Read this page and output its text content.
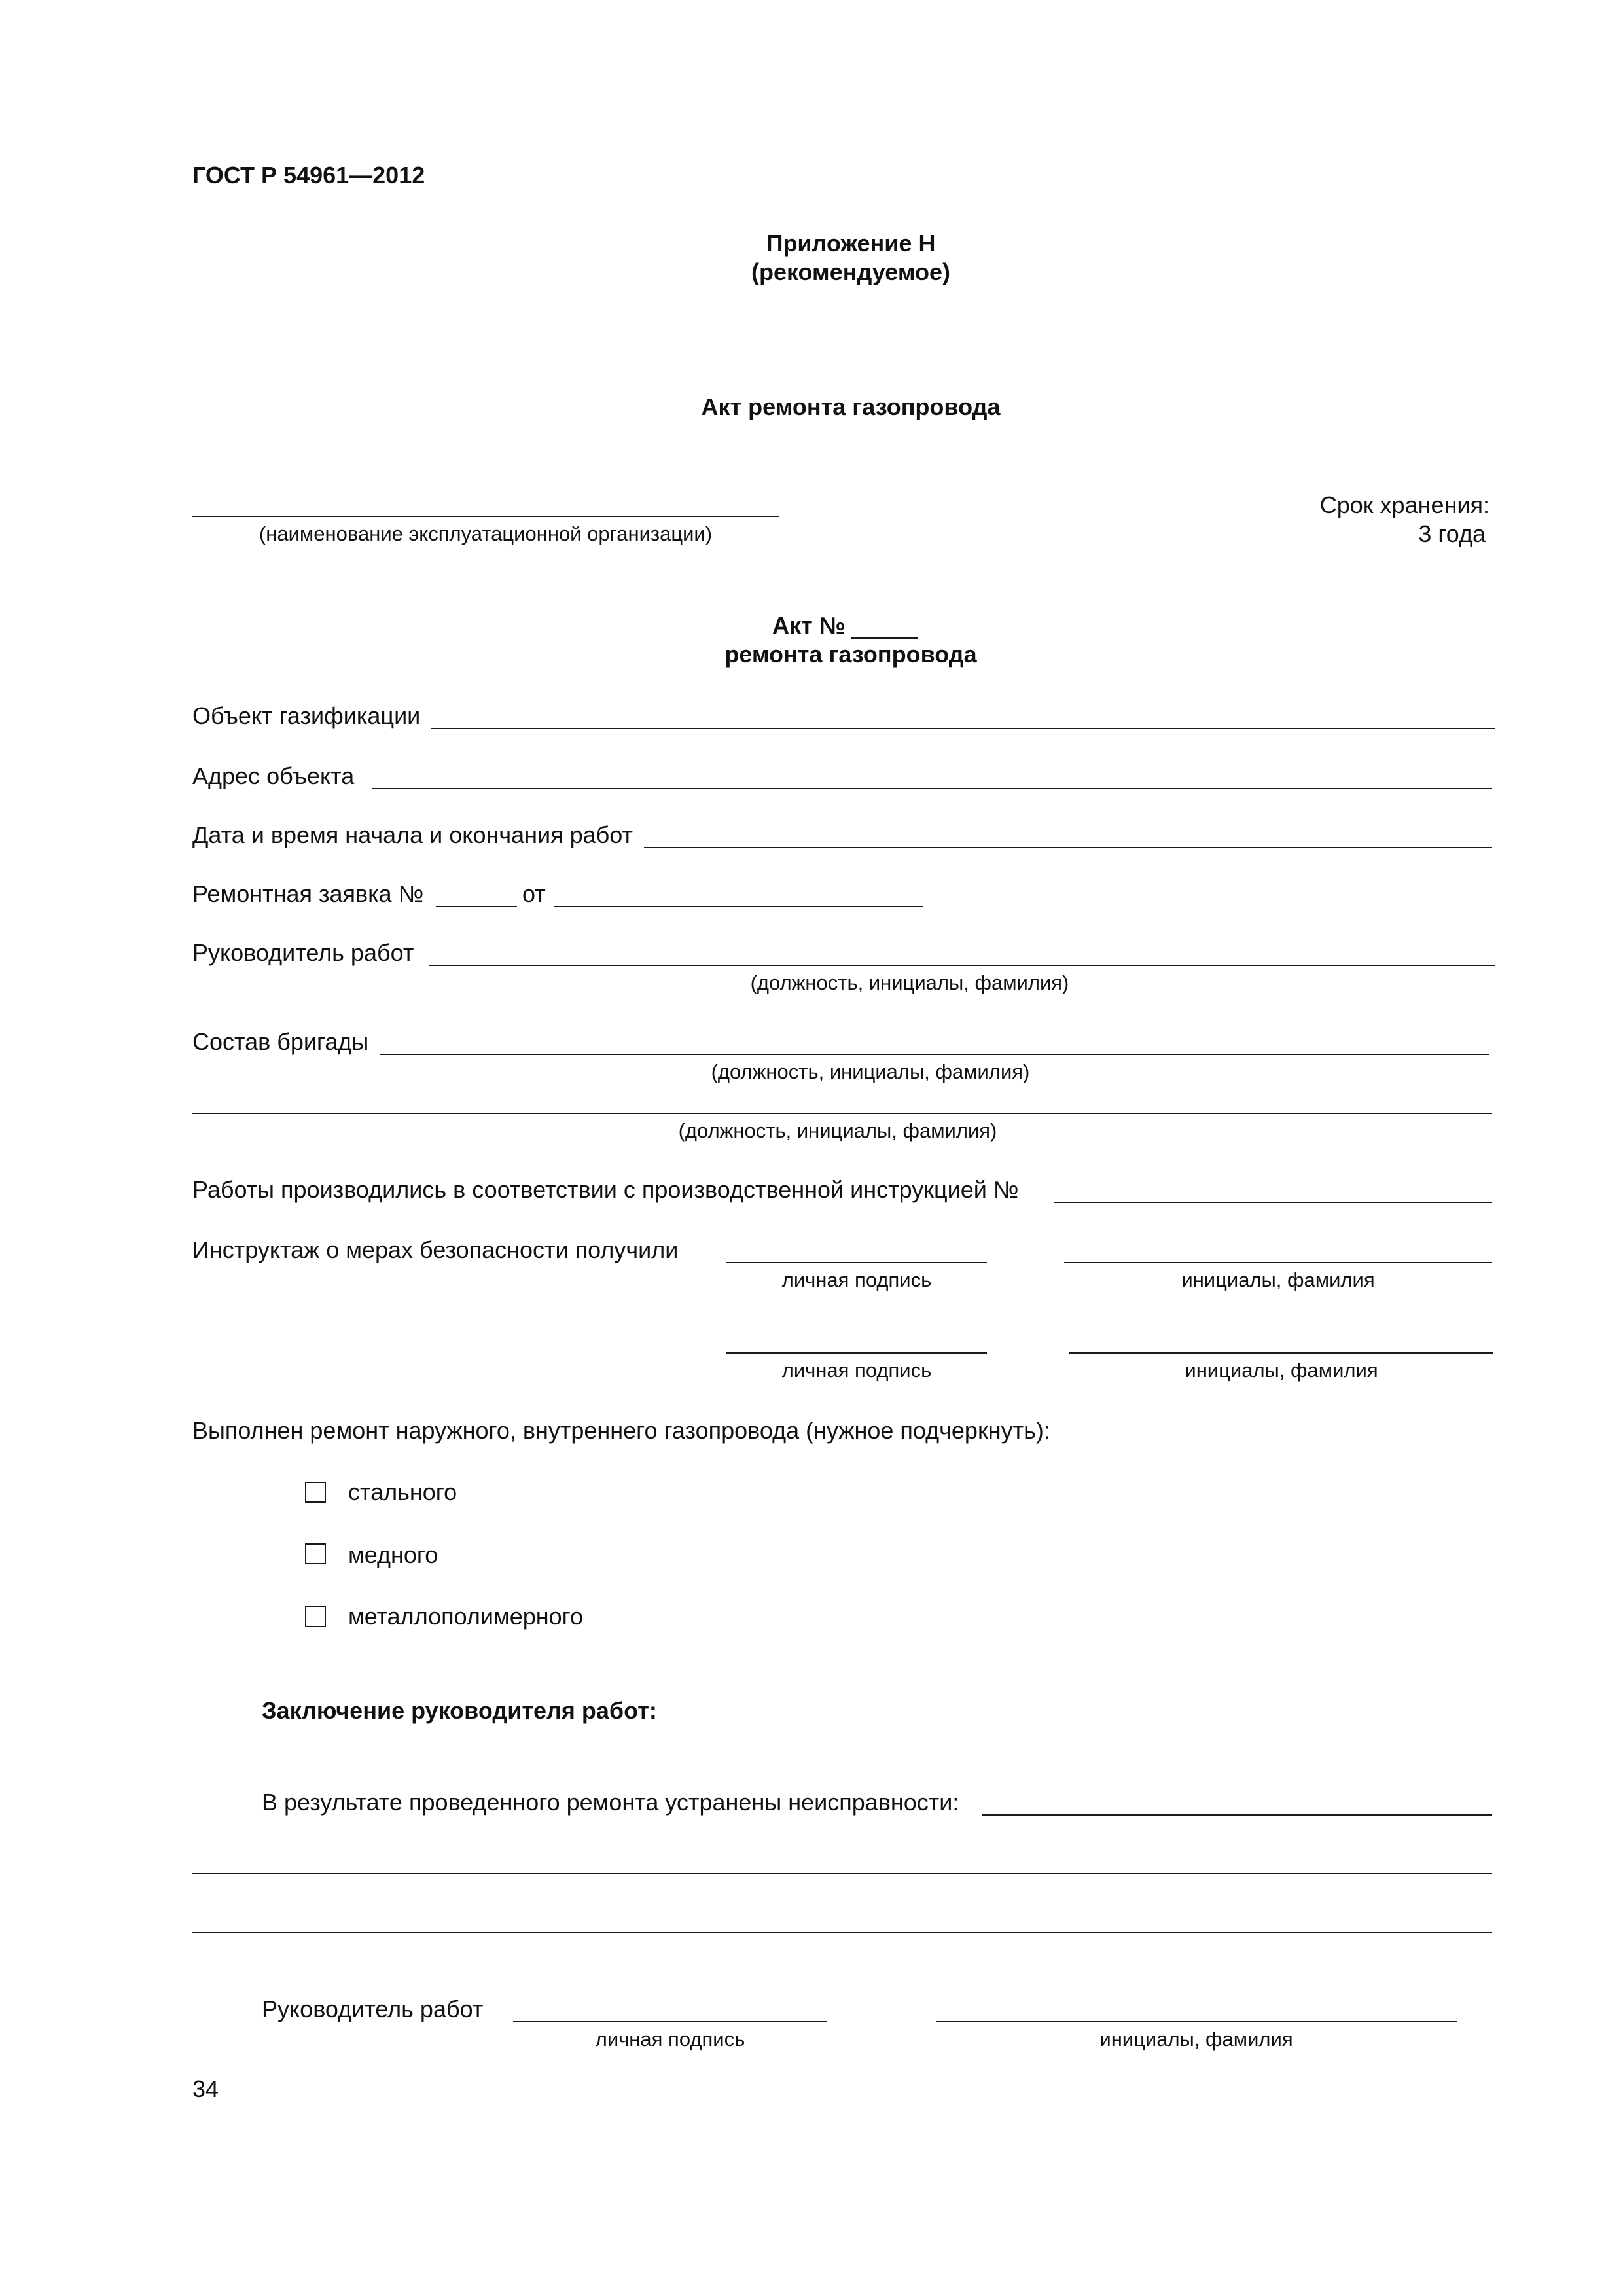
ГОСТ Р 54961—2012
Приложение Н
(рекомендуемое)
Акт ремонта газопровода
(наименование эксплуатационной организации)
Срок хранения:
3 года
Акт №
ремонта газопровода
Объект газификации
Адрес объекта
Дата и время начала и окончания работ
Ремонтная заявка №	от
Руководитель работ
(должность, инициалы, фамилия)
Состав бригады
(должность, инициалы, фамилия)
(должность, инициалы, фамилия)
Работы производились в соответствии с производственной инструкцией №
Инструктаж о мерах безопасности получили
личная подпись	инициалы, фамилия
личная подпись	инициалы, фамилия
Выполнен ремонт наружного, внутреннего газопровода (нужное подчеркнуть):
стального
медного
металлополимерного
Заключение руководителя работ:
В результате проведенного ремонта устранены неисправности:
Руководитель работ
личная подпись	инициалы, фамилия
34
